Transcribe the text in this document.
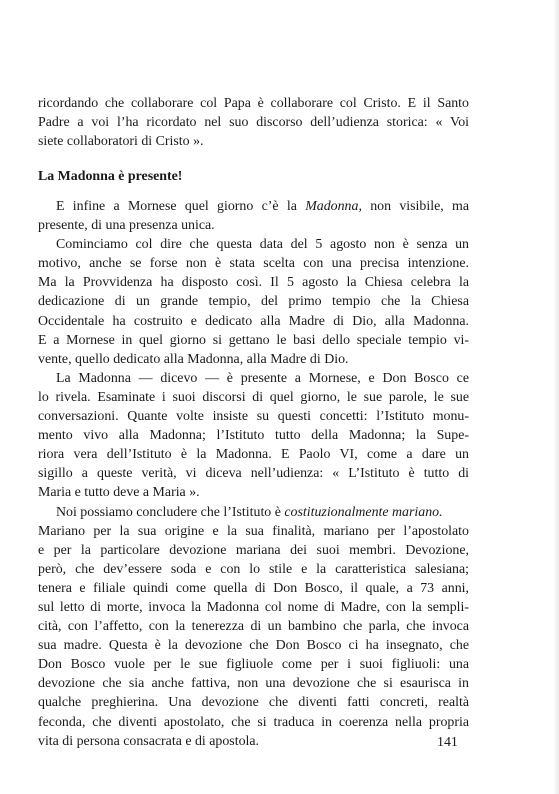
ricordando che collaborare col Papa è collaborare col Cristo. E il Santo
Padre a voi l’ha ricordato nel suo discorso dell’udienza storica: « Voi
siete collaboratori di Cristo ».
La Madonna è presente!
E infine a Mornese quel giorno c’è la Madonna, non visibile, ma
presente, di una presenza unica.
Cominciamo col dire che questa data del 5 agosto non è senza un
motivo, anche se forse non è stata scelta con una precisa intenzione.
Ma la Provvidenza ha disposto così. Il 5 agosto la Chiesa celebra la
dedicazione di un grande tempio, del primo tempio che la Chiesa
Occidentale ha costruito e dedicato alla Madre di Dio, alla Madonna.
E a Mornese in quel giorno si gettano le basi dello speciale tempio vi-
vente, quello dedicato alla Madonna, alla Madre di Dio.
La Madonna — dicevo — è presente a Mornese, e Don Bosco ce
lo rivela. Esaminate i suoi discorsi di quel giorno, le sue parole, le sue
conversazioni. Quante volte insiste su questi concetti: l’Istituto monu-
mento vivo alla Madonna; l’Istituto tutto della Madonna; la Supe-
riora vera dell’Istituto è la Madonna. E Paolo VI, come a dare un
sigillo a queste verità, vi diceva nell’udienza: « L’Istituto è tutto di
Maria e tutto deve a Maria ».
Noi possiamo concludere che l’Istituto è costituzionalmente mariano.
Mariano per la sua origine e la sua finalità, mariano per l’apostolato
e per la particolare devozione mariana dei suoi membri. Devozione,
però, che dev’essere soda e con lo stile e la caratteristica salesiana;
tenera e filiale quindi come quella di Don Bosco, il quale, a 73 anni,
sul letto di morte, invoca la Madonna col nome di Madre, con la sempli-
cità, con l’affetto, con la tenerezza di un bambino che parla, che invoca
sua madre. Questa è la devozione che Don Bosco ci ha insegnato, che
Don Bosco vuole per le sue figliuole come per i suoi figliuoli: una
devozione che sia anche fattiva, non una devozione che si esaurisca in
qualche preghierina. Una devozione che diventi fatti concreti, realtà
feconda, che diventi apostolato, che si traduca in coerenza nella propria
vita di persona consacrata e di apostola.	141
